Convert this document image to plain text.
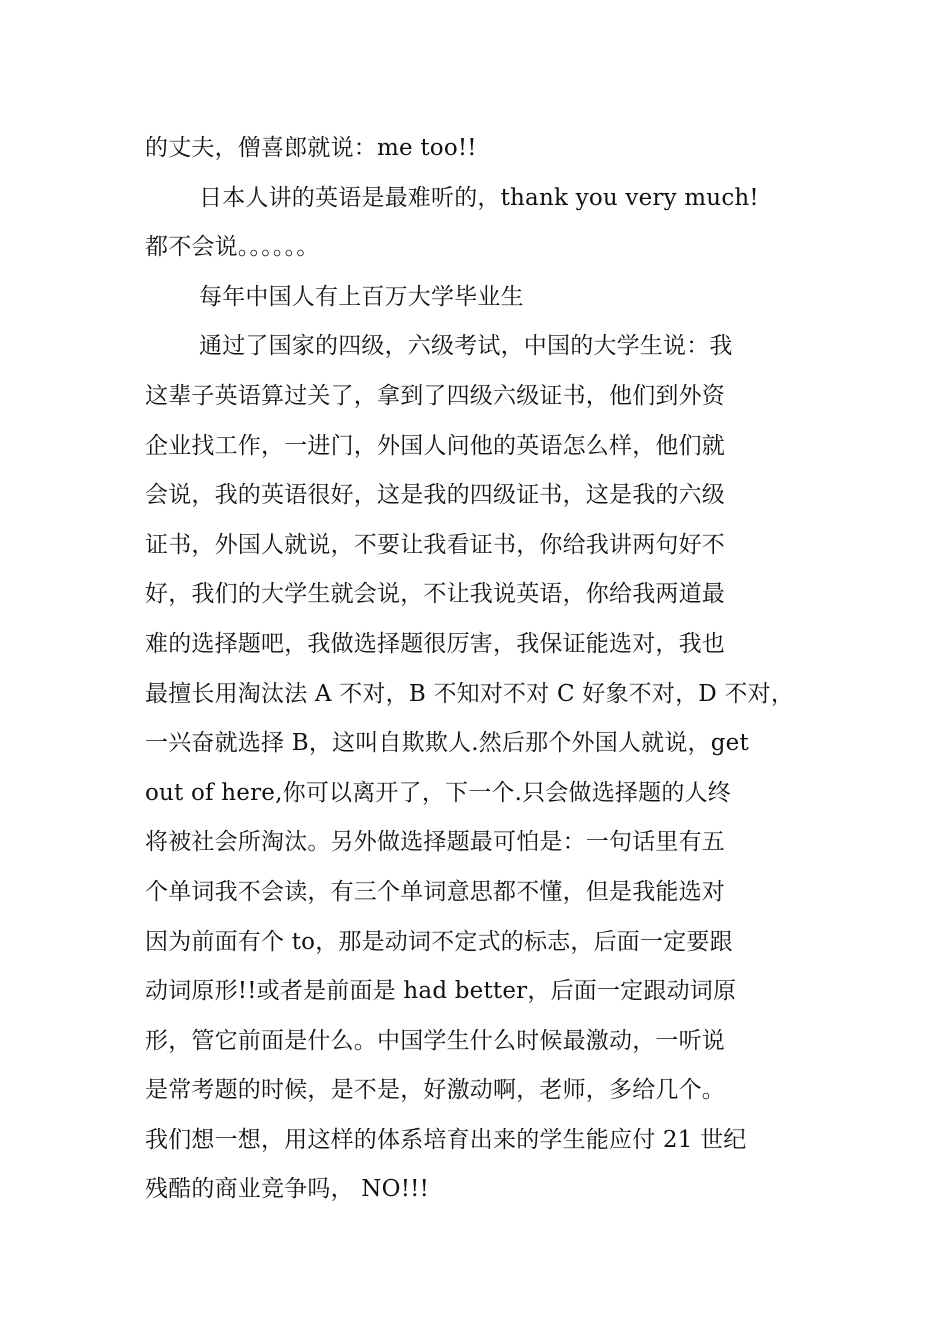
的丈夫，僧喜郎就说：me too!!
日本人讲的英语是最难听的，thank you very much!
都不会说。。。。。。
每年中国人有上百万大学毕业生
通过了国家的四级，六级考试，中国的大学生说：我
这辈子英语算过关了，拿到了四级六级证书，他们到外资
企业找工作，一进门，外国人问他的英语怎么样，他们就
会说，我的英语很好，这是我的四级证书，这是我的六级
证书，外国人就说，不要让我看证书，你给我讲两句好不
好，我们的大学生就会说，不让我说英语，你给我两道最
难的选择题吧，我做选择题很厉害，我保证能选对，我也
最擅长用淘汰法 A 不对，B 不知对不对 C 好象不对，D 不对，
一兴奋就选择 B，这叫自欺欺人.然后那个外国人就说，get
out of here,你可以离开了，下一个.只会做选择题的人终
将被社会所淘汰。另外做选择题最可怕是：一句话里有五
个单词我不会读，有三个单词意思都不懂，但是我能选对
因为前面有个 to，那是动词不定式的标志，后面一定要跟
动词原形!!或者是前面是 had better，后面一定跟动词原
形，管它前面是什么。中国学生什么时候最激动，一听说
是常考题的时候，是不是，好激动啊，老师，多给几个。
我们想一想，用这样的体系培育出来的学生能应付 21 世纪
残酷的商业竞争吗， NO!!!
